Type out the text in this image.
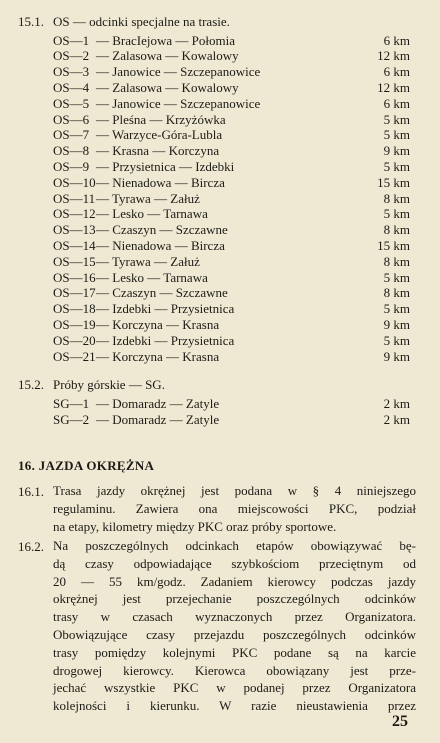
15.1. OS — odcinki specjalne na trasie.
OS—1 — BracIejowa — Połomia	6 km
OS—2 — Zalasowa — Kowalowy	12 km
OS—3 — Janowice — Szczepanowice	6 km
OS—4 — Zalasowa — Kowalowy	12 km
OS—5 — Janowice — Szczepanowice	6 km
OS—6 — Pleśna — Krzyżówka	5 km
OS—7 — Warzyce-Góra-Lubla	5 km
OS—8 — Krasna — Korczyna	9 km
OS—9 — Przysietnica — Izdebki	5 km
OS—10 — Nienadowa — Bircza	15 km
OS—11 — Tyrawa — Załuż	8 km
OS—12 — Lesko — Tarnawa	5 km
OS—13 — Czaszyn — Szczawne	8 km
OS—14 — Nienadowa — Bircza	15 km
OS—15 — Tyrawa — Załuż	8 km
OS—16 — Lesko — Tarnawa	5 km
OS—17 — Czaszyn — Szczawne	8 km
OS—18 — Izdebki — Przysietnica	5 km
OS—19 — Korczyna — Krasna	9 km
OS—20 — Izdebki — Przysietnica	5 km
OS—21 — Korczyna — Krasna	9 km
15.2. Próby górskie — SG.
SG—1 — Domaradz — Zatyle	2 km
SG—2 — Domaradz — Zatyle	2 km
16. JAZDA OKRĘŻNA
16.1. Trasa jazdy okrężnej jest podana w § 4 niniejszego
regulaminu. Zawiera ona miejscowości PKC, podział
na etapy, kilometry między PKC oraz próby sportowe.
16.2. Na poszczególnych odcinkach etapów obowiązywać bę-
dą czasy odpowiadające szybkościom przeciętnym od
20 — 55 km/godz. Zadaniem kierowcy podczas jazdy
okrężnej jest przejechanie poszczególnych odcinków
trasy w czasach wyznaczonych przez Organizatora.
Obowiązujące czasy przejazdu poszczególnych odcinków
trasy pomiędzy kolejnymi PKC podane są na karcie
drogowej kierowcy. Kierowca obowiązany jest prze-
jechać wszystkie PKC w podanej przez Organizatora
kolejności i kierunku. W razie nieustawienia przez
25
